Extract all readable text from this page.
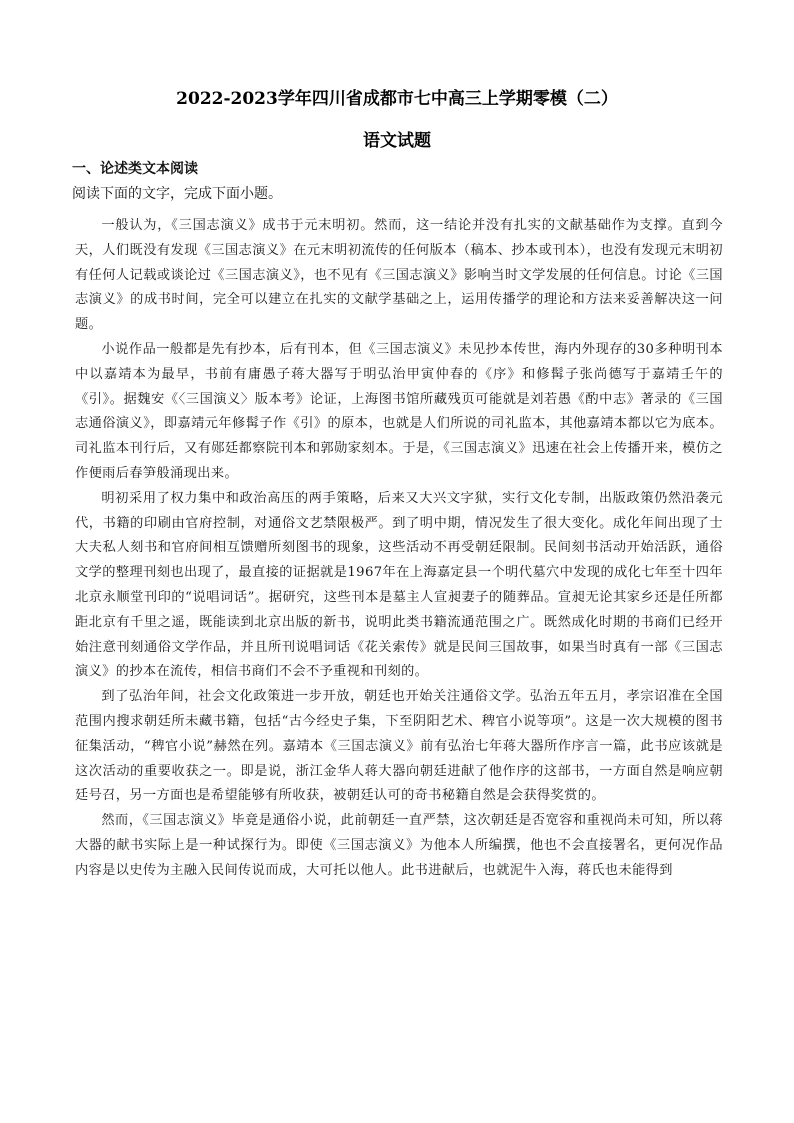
2022-2023学年四川省成都市七中高三上学期零模（二）
语文试题
一、论述类文本阅读
阅读下面的文字，完成下面小题。

一般认为，《三国志演义》成书于元末明初。然而，这一结论并没有扎实的文献基础作为支撑。直到今天，人们既没有发现《三国志演义》在元末明初流传的任何版本（稿本、抄本或刊本），也没有发现元末明初有任何人记载或谈论过《三国志演义》，也不见有《三国志演义》影响当时文学发展的任何信息。讨论《三国志演义》的成书时间，完全可以建立在扎实的文献学基础之上，运用传播学的理论和方法来妥善解决这一问题。

小说作品一般都是先有抄本，后有刊本，但《三国志演义》未见抄本传世，海内外现存的30多种明刊本中以嘉靖本为最早，书前有庸愚子蒋大器写于明弘治甲寅仲春的《序》和修髯子张尚德写于嘉靖壬午的《引》。据魏安《〈三国演义〉版本考》论证，上海图书馆所藏残页可能就是刘若愚《酌中志》著录的《三国志通俗演义》，即嘉靖元年修髯子作《引》的原本，也就是人们所说的司礼监本，其他嘉靖本都以它为底本。司礼监本刊行后，又有郧廷都察院刊本和郭勋家刻本。于是，《三国志演义》迅速在社会上传播开来，模仿之作便雨后春笋般涌现出来。

明初采用了权力集中和政治高压的两手策略，后来又大兴文字狱，实行文化专制，出版政策仍然沿袭元代，书籍的印刷由官府控制，对通俗文艺禁限极严。到了明中期，情况发生了很大变化。成化年间出现了士大夫私人刻书和官府间相互馈赠所刻图书的现象，这些活动不再受朝廷限制。民间刻书活动开始活跃，通俗文学的整理刊刻也出现了，最直接的证据就是1967年在上海嘉定县一个明代墓穴中发现的成化七年至十四年北京永顺堂刊印的“说唱词话”。据研究，这些刊本是墓主人宣昶妻子的随葬品。宣昶无论其家乡还是任所都距北京有千里之遥，既能读到北京出版的新书，说明此类书籍流通范围之广。既然成化时期的书商们已经开始注意刊刻通俗文学作品，并且所刊说唱词话《花关索传》就是民间三国故事，如果当时真有一部《三国志演义》的抄本在流传，相信书商们不会不予重视和刊刻的。

到了弘治年间，社会文化政策进一步开放，朝廷也开始关注通俗文学。弘治五年五月，孝宗诏准在全国范围内搜求朝廷所未藏书籍，包括“古今经史子集，下至阴阳艺术、稗官小说等项”。这是一次大规模的图书征集活动，“稗官小说”赫然在列。嘉靖本《三国志演义》前有弘治七年蒋大器所作序言一篇，此书应该就是这次活动的重要收获之一。即是说，浙江金华人蒋大器向朝廷进献了他作序的这部书，一方面自然是响应朝廷号召，另一方面也是希望能够有所收获，被朝廷认可的奇书秘籍自然是会获得奖赏的。

然而，《三国志演义》毕竟是通俗小说，此前朝廷一直严禁，这次朝廷是否宽容和重视尚未可知，所以蒋大器的献书实际上是一种试探行为。即使《三国志演义》为他本人所编撰，他也不会直接署名，更何况作品内容是以史传为主融入民间传说而成，大可托以他人。此书进献后，也就泥牛入海，蒋氏也未能得到
